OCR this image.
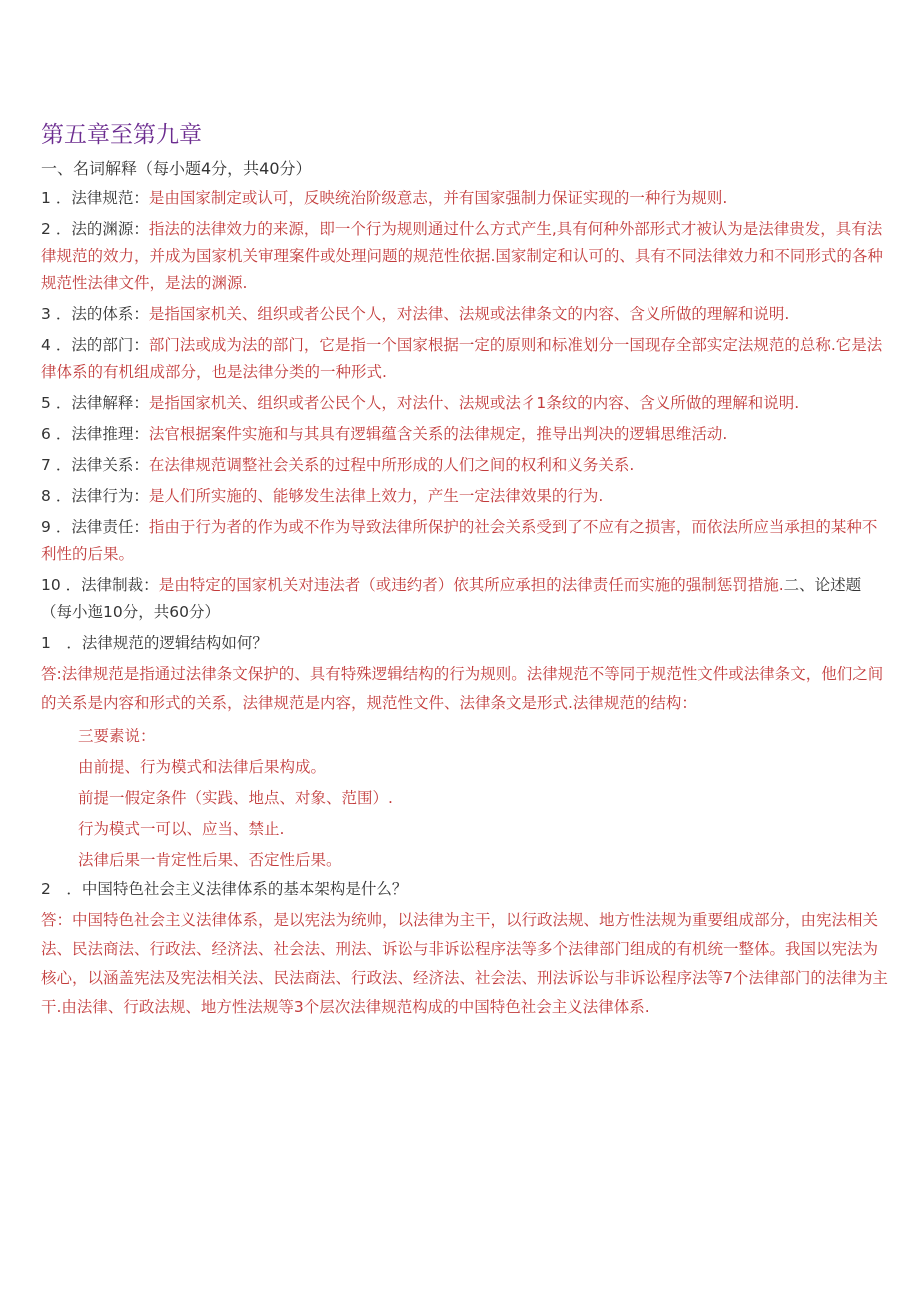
第五章至第九章
一、名词解释（每小题4分，共40分）
1 ．法律规范：是由国家制定或认可，反映统治阶级意志，并有国家强制力保证实现的一种行为规则.
2 ．法的渊源：指法的法律效力的来源，即一个行为规则通过什么方式产生,具有何种外部形式才被认为是法律贵发，具有法律规范的效力，并成为国家机关审理案件或处理问题的规范性依据.国家制定和认可的、具有不同法律效力和不同形式的各种规范性法律文件，是法的渊源.
3 ．法的体系：是指国家机关、组织或者公民个人，对法律、法规或法律条文的内容、含义所做的理解和说明.
4 ．法的部门：部门法或成为法的部门，它是指一个国家根据一定的原则和标准划分一国现存全部实定法规范的总称.它是法律体系的有机组成部分，也是法律分类的一种形式.
5 ．法律解释：是指国家机关、组织或者公民个人，对法什、法规或法彳1条纹的内容、含义所做的理解和说明.
6 ．法律推理：法官根据案件实施和与其具有逻辑蕴含关系的法律规定，推导出判决的逻辑思维活动.
7 ．法律关系：在法律规范调整社会关系的过程中所形成的人们之间的权利和义务关系.
8 ．法律行为：是人们所实施的、能够发生法律上效力，产生一定法律效果的行为.
9 ．法律责任：指由于行为者的作为或不作为导致法律所保护的社会关系受到了不应有之损害，而依法所应当承担的某种不利性的后果。
10 ．法律制裁：是由特定的国家机关对违法者（或违约者）依其所应承担的法律责任而实施的强制惩罚措施.二、论述题（每小迤10分，共60分）
1　．法律规范的逻辑结构如何？
答:法律规范是指通过法律条文保护的、具有特殊逻辑结构的行为规则。法律规范不等同于规范性文件或法律条文，他们之间的关系是内容和形式的关系，法律规范是内容，规范性文件、法律条文是形式.法律规范的结构：
三要素说：
由前提、行为模式和法律后果构成。
前提一假定条件（实践、地点、对象、范围）.
行为模式一可以、应当、禁止.
法律后果一肯定性后果、否定性后果。
2　．中国特色社会主义法律体系的基本架构是什么？
答：中国特色社会主义法律体系，是以宪法为统帅，以法律为主干，以行政法规、地方性法规为重要组成部分，由宪法相关法、民法商法、行政法、经济法、社会法、刑法、诉讼与非诉讼程序法等多个法律部门组成的有机统一整体。我国以宪法为核心，以涵盖宪法及宪法相关法、民法商法、行政法、经济法、社会法、刑法诉讼与非诉讼程序法等7个法律部门的法律为主干.由法律、行政法规、地方性法规等3个层次法律规范构成的中国特色社会主义法律体系.
